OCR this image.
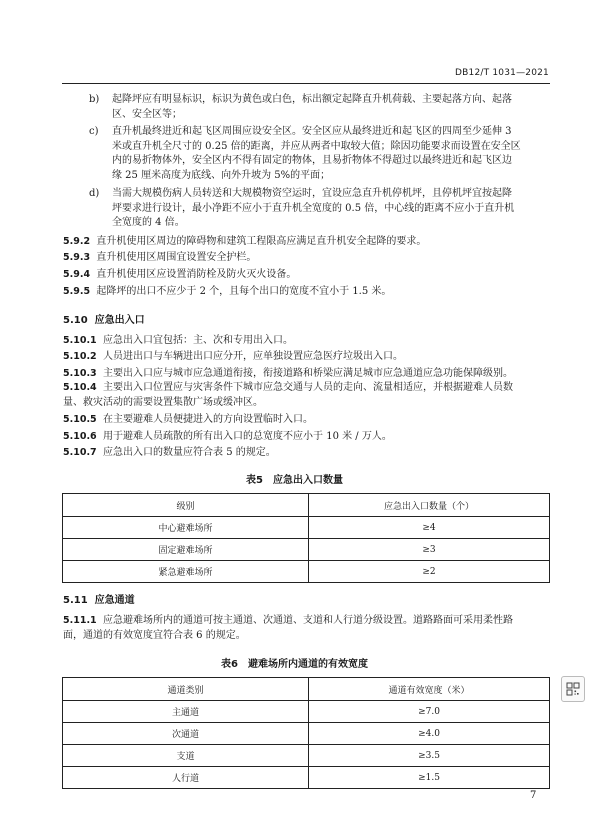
DB12/T 1031—2021
b) 起降坪应有明显标识，标识为黄色或白色，标出额定起降直升机荷载、主要起落方向、起落
区、安全区等；
c) 直升机最终进近和起飞区周围应设安全区。安全区应从最终进近和起飞区的四周至少延伸 3
米或直升机全尺寸的 0.25 倍的距离，并应从两者中取较大值；除因功能要求而设置在安全区
内的易折物体外，安全区内不得有固定的物体，且易折物体不得超过以最终进近和起飞区边
缘 25 厘米高度为底线、向外升坡为 5%的平面；
d) 当需大规模伤病人员转送和大规模物资空运时，宜设应急直升机停机坪，且停机坪宜按起降
坪要求进行设计，最小净距不应小于直升机全宽度的 0.5 倍，中心线的距离不应小于直升机
全宽度的 4 倍。
5.9.2 直升机使用区周边的障碍物和建筑工程限高应满足直升机安全起降的要求。
5.9.3 直升机使用区周围宜设置安全护栏。
5.9.4 直升机使用区应设置消防栓及防火灭火设备。
5.9.5 起降坪的出口不应少于 2 个，且每个出口的宽度不宜小于 1.5 米。
5.10 应急出入口
5.10.1 应急出入口宜包括：主、次和专用出入口。
5.10.2 人员进出口与车辆进出口应分开，应单独设置应急医疗垃圾出入口。
5.10.3 主要出入口应与城市应急通道衔接，衔接道路和桥梁应满足城市应急通道应急功能保障级别。
5.10.4 主要出入口位置应与灾害条件下城市应急交通与人员的走向、流量相适应，并根据避难人员数
量、救灾活动的需要设置集散广场或缓冲区。
5.10.5 在主要避难人员便捷进入的方向设置临时入口。
5.10.6 用于避难人员疏散的所有出入口的总宽度不应小于 10 米 / 万人。
5.10.7 应急出入口的数量应符合表 5 的规定。
表5　应急出入口数量
级别	应急出入口数量（个）
中心避难场所	≥4
固定避难场所	≥3
紧急避难场所	≥2
5.11 应急通道
5.11.1 应急避难场所内的通道可按主通道、次通道、支道和人行道分级设置。道路路面可采用柔性路
面，通道的有效宽度宜符合表 6 的规定。
表6　避难场所内通道的有效宽度
通道类别	通道有效宽度（米）
主通道	≥7.0
次通道	≥4.0
支道	≥3.5
人行道	≥1.5
7
